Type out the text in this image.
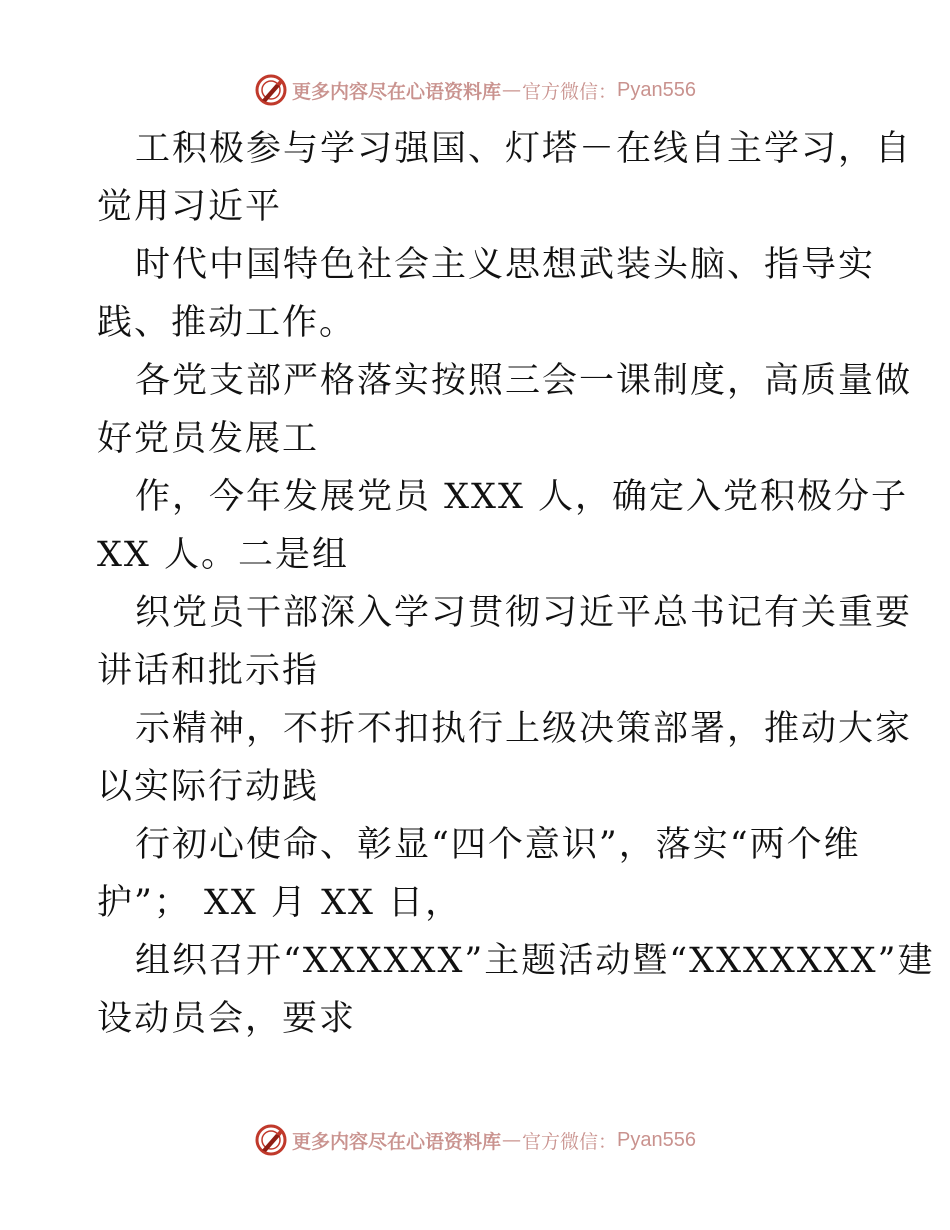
更多内容尽在心语资料库 — 官方微信： Pyan556
工积极参与学习强国、灯塔－在线自主学习，自
觉用习近平
时代中国特色社会主义思想武装头脑、指导实
践、推动工作。
各党支部严格落实按照三会一课制度，高质量做
好党员发展工
作，今年发展党员 XXX 人，确定入党积极分子
XX 人。二是组
织党员干部深入学习贯彻习近平总书记有关重要
讲话和批示指
示精神，不折不扣执行上级决策部署，推动大家
以实际行动践
行初心使命、彰显“四个意识”，落实“两个维
护”； XX 月 XX 日，
组织召开“XXXXXX”主题活动暨“XXXXXXX”建
设动员会，要求
更多内容尽在心语资料库 — 官方微信： Pyan556
